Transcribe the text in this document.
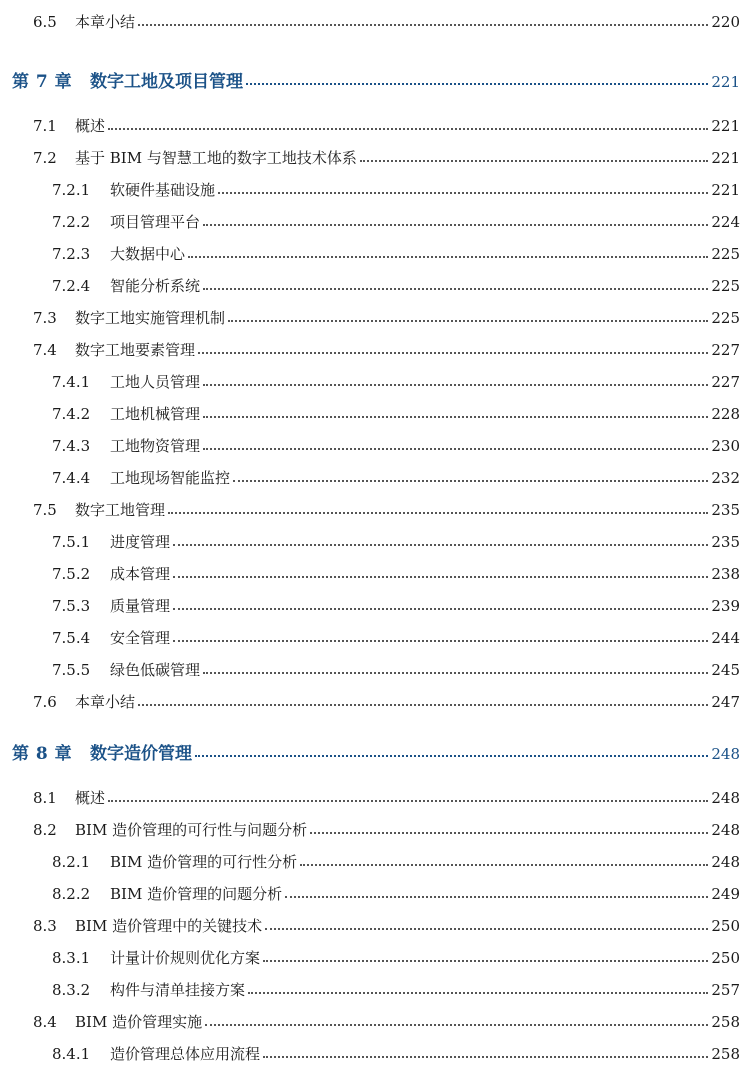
6.5	本章小结	220
第 7 章	数字工地及项目管理	221
7.1	概述	221
7.2	基于 BIM 与智慧工地的数字工地技术体系	221
7.2.1	软硬件基础设施	221
7.2.2	项目管理平台	224
7.2.3	大数据中心	225
7.2.4	智能分析系统	225
7.3	数字工地实施管理机制	225
7.4	数字工地要素管理	227
7.4.1	工地人员管理	227
7.4.2	工地机械管理	228
7.4.3	工地物资管理	230
7.4.4	工地现场智能监控	232
7.5	数字工地管理	235
7.5.1	进度管理	235
7.5.2	成本管理	238
7.5.3	质量管理	239
7.5.4	安全管理	244
7.5.5	绿色低碳管理	245
7.6	本章小结	247
第 8 章	数字造价管理	248
8.1	概述	248
8.2	BIM 造价管理的可行性与问题分析	248
8.2.1	BIM 造价管理的可行性分析	248
8.2.2	BIM 造价管理的问题分析	249
8.3	BIM 造价管理中的关键技术	250
8.3.1	计量计价规则优化方案	250
8.3.2	构件与清单挂接方案	257
8.4	BIM 造价管理实施	258
8.4.1	造价管理总体应用流程	258
